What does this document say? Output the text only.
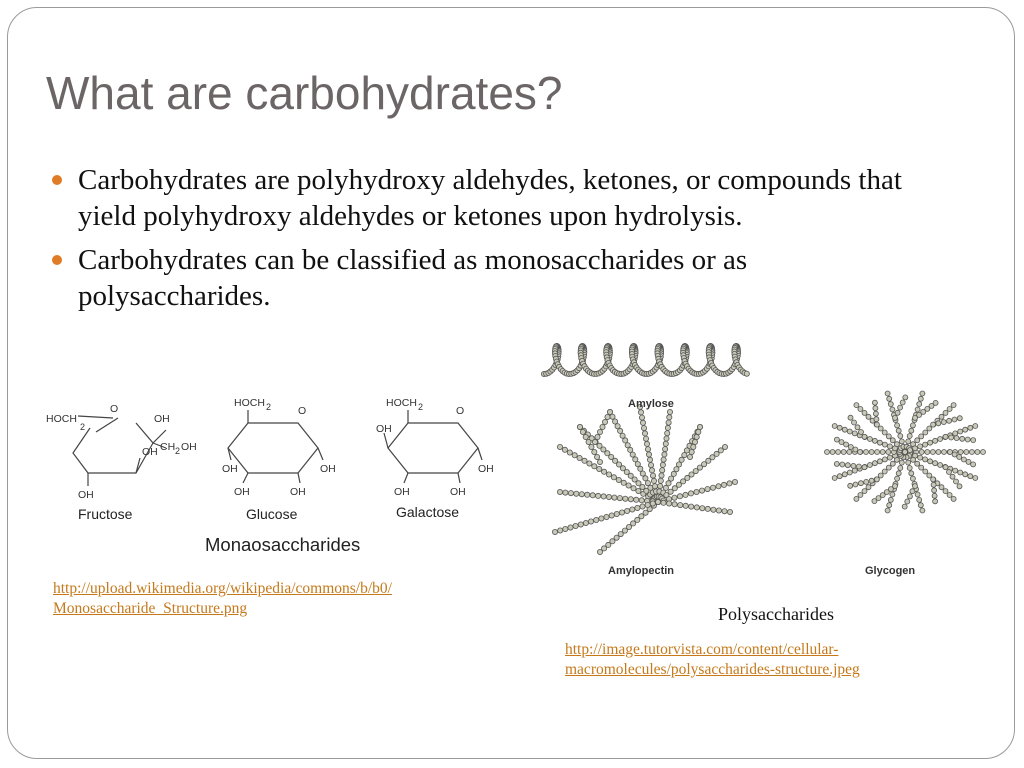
What are carbohydrates?
Carbohydrates are polyhydroxy aldehydes, ketones, or compounds that yield polyhydroxy aldehydes or ketones upon hydrolysis.
Carbohydrates can be classified as monosaccharides or as polysaccharides.
HOCH
2
O
OH
OH CH 2 OH
OH
HOCH 2	O
OH	OH
OH
OH
HOCH 2	O
OH
OH
OH
OH
Fructose	Glucose	Galactose
Monaosaccharides
http://upload.wikimedia.org/wikipedia/commons/b/b0/
Monosaccharide_Structure.png
Amylose
Amylopectin	Glycogen
Polysaccharides
http://image.tutorvista.com/content/cellular-
macromolecules/polysaccharides-structure.jpeg
